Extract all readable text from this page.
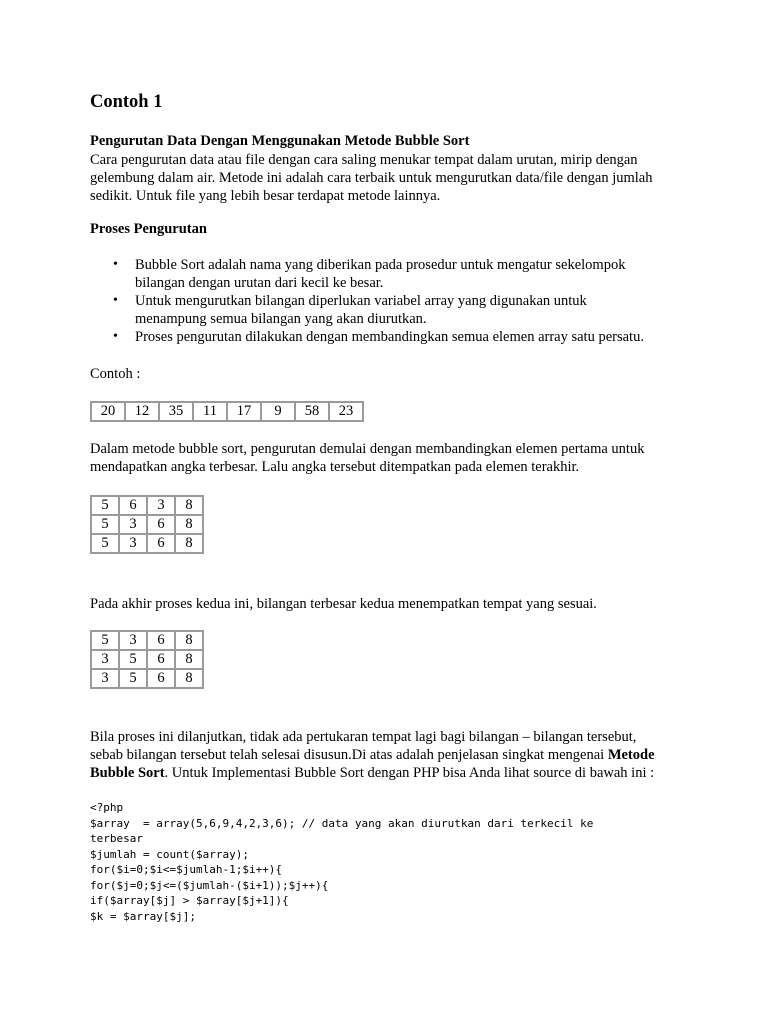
Contoh 1

Pengurutan Data Dengan Menggunakan Metode Bubble Sort

Cara pengurutan data atau file dengan cara saling menukar tempat dalam urutan, mirip dengan
gelembung dalam air. Metode ini adalah cara terbaik untuk mengurutkan data/file dengan jumlah
sedikit. Untuk file yang lebih besar terdapat metode lainnya.

Proses Pengurutan

• Bubble Sort adalah nama yang diberikan pada prosedur untuk mengatur sekelompok
bilangan dengan urutan dari kecil ke besar.
• Untuk mengurutkan bilangan diperlukan variabel array yang digunakan untuk
menampung semua bilangan yang akan diurutkan.
• Proses pengurutan dilakukan dengan membandingkan semua elemen array satu persatu.

Contoh :

20	12	35	11	17	9	58	23

Dalam metode bubble sort, pengurutan demulai dengan membandingkan elemen pertama untuk
mendapatkan angka terbesar. Lalu angka tersebut ditempatkan pada elemen terakhir.

5	6	3	8
5	3	6	8
5	3	6	8

Pada akhir proses kedua ini, bilangan terbesar kedua menempatkan tempat yang sesuai.

5	3	6	8
3	5	6	8
3	5	6	8

Bila proses ini dilanjutkan, tidak ada pertukaran tempat lagi bagi bilangan – bilangan tersebut,
sebab bilangan tersebut telah selesai disusun.Di atas adalah penjelasan singkat mengenai Metode
Bubble Sort. Untuk Implementasi Bubble Sort dengan PHP bisa Anda lihat source di bawah ini :

<?php
$array  = array(5,6,9,4,2,3,6); // data yang akan diurutkan dari terkecil ke
terbesar
$jumlah = count($array);
for($i=0;$i<=$jumlah-1;$i++){
for($j=0;$j<=($jumlah-($i+1));$j++){
if($array[$j] > $array[$j+1]){
$k = $array[$j];
